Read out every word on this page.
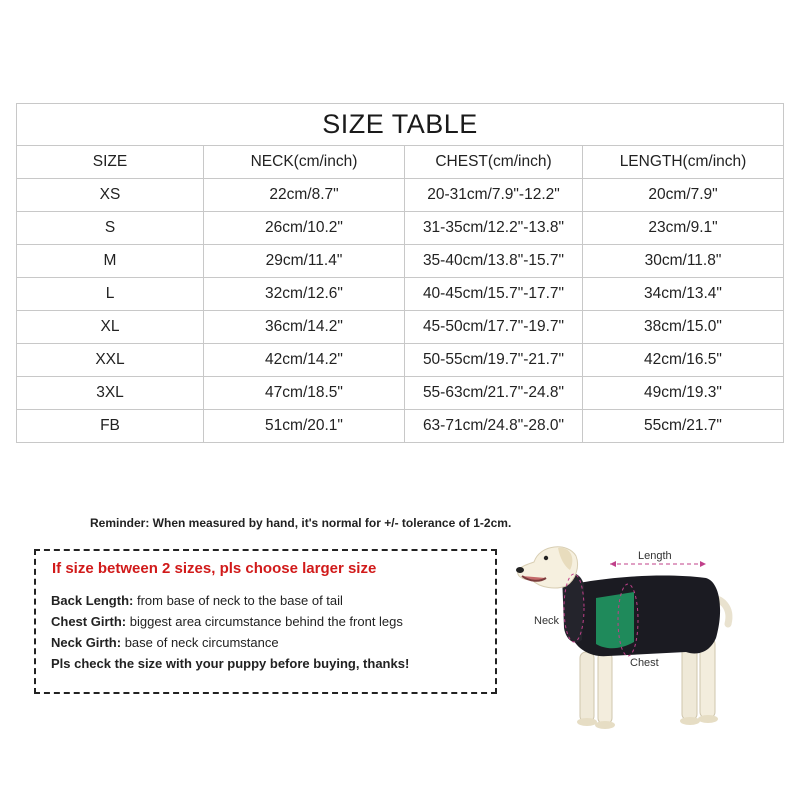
SIZE TABLE			
SIZE	NECK(cm/inch)	CHEST(cm/inch)	LENGTH(cm/inch)
XS	22cm/8.7"	20-31cm/7.9"-12.2"	20cm/7.9"
S	26cm/10.2"	31-35cm/12.2"-13.8"	23cm/9.1"
M	29cm/11.4"	35-40cm/13.8"-15.7"	30cm/11.8"
L	32cm/12.6"	40-45cm/15.7"-17.7"	34cm/13.4"
XL	36cm/14.2"	45-50cm/17.7"-19.7"	38cm/15.0"
XXL	42cm/14.2"	50-55cm/19.7"-21.7"	42cm/16.5"
3XL	47cm/18.5"	55-63cm/21.7"-24.8"	49cm/19.3"
FB	51cm/20.1"	63-71cm/24.8"-28.0"	55cm/21.7"
Reminder: When measured by hand, it's normal for +/- tolerance of 1-2cm.
If size between 2 sizes, pls choose larger size
Back Length: from base of neck to the base of tail
Chest Girth: biggest area circumstance behind the front legs
Neck Girth: base of neck circumstance
Pls check the size with your puppy before buying, thanks!
Length
Neck
Chest
